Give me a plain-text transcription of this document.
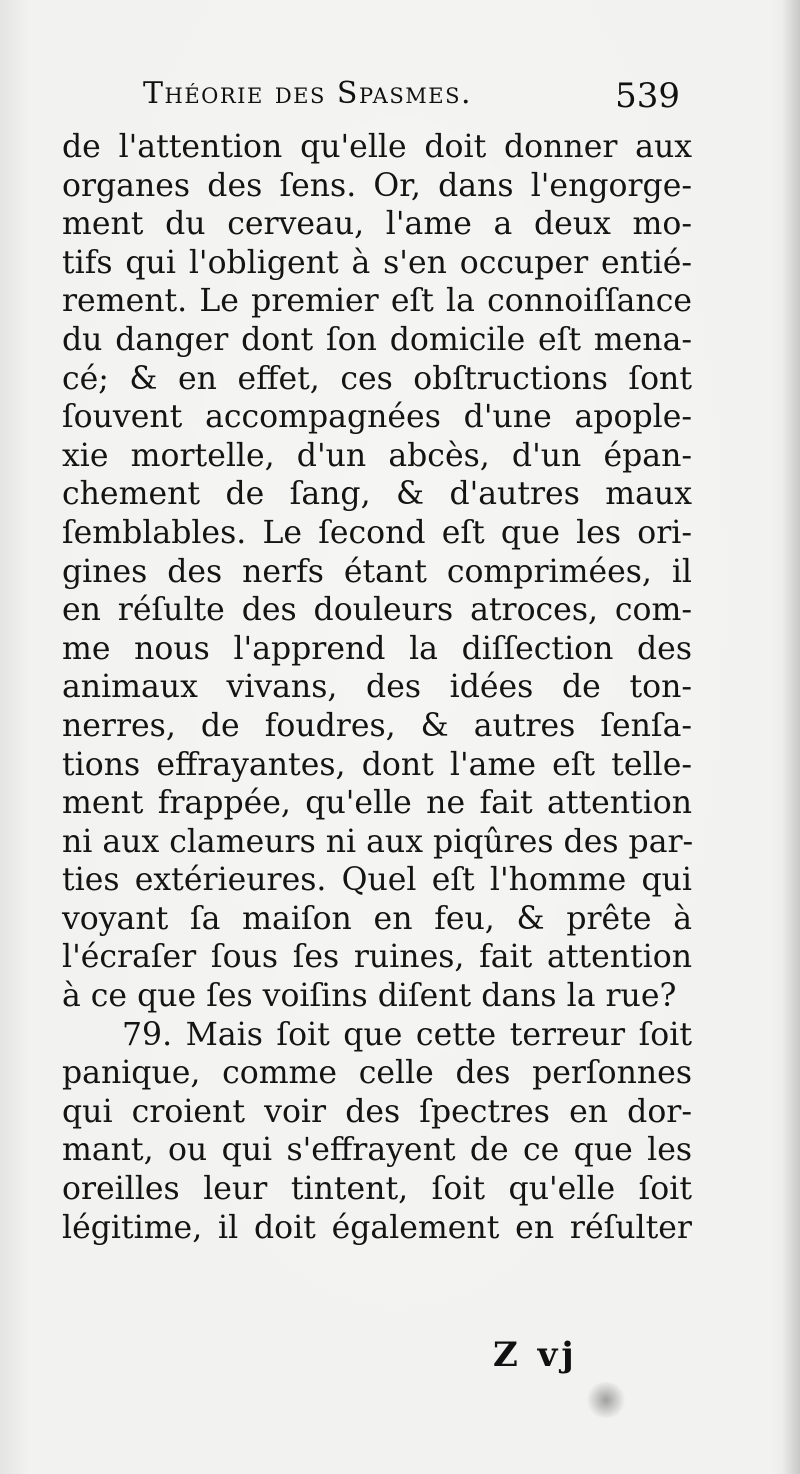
Théorie des Spasmes.	539
de l'attention qu'elle doit donner aux
organes des ſens. Or, dans l'engorge-
ment du cerveau, l'ame a deux mo-
tifs qui l'obligent à s'en occuper entié-
rement. Le premier eſt la connoiſſance
du danger dont ſon domicile eſt mena-
cé; & en effet, ces obſtructions ſont
ſouvent accompagnées d'une apople-
xie mortelle, d'un abcès, d'un épan-
chement de ſang, & d'autres maux
ſemblables. Le ſecond eſt que les ori-
gines des nerfs étant comprimées, il
en réſulte des douleurs atroces, com-
me nous l'apprend la diſſection des
animaux vivans, des idées de ton-
nerres, de foudres, & autres ſenſa-
tions effrayantes, dont l'ame eſt telle-
ment frappée, qu'elle ne fait attention
ni aux clameurs ni aux piqûres des par-
ties extérieures. Quel eſt l'homme qui
voyant ſa maiſon en feu, & prête à
l'écraſer ſous ſes ruines, fait attention
à ce que ſes voiſins diſent dans la rue?
79. Mais ſoit que cette terreur ſoit
panique, comme celle des perſonnes
qui croient voir des ſpectres en dor-
mant, ou qui s'effrayent de ce que les
oreilles leur tintent, ſoit qu'elle ſoit
légitime, il doit également en réſulter
Z vj
